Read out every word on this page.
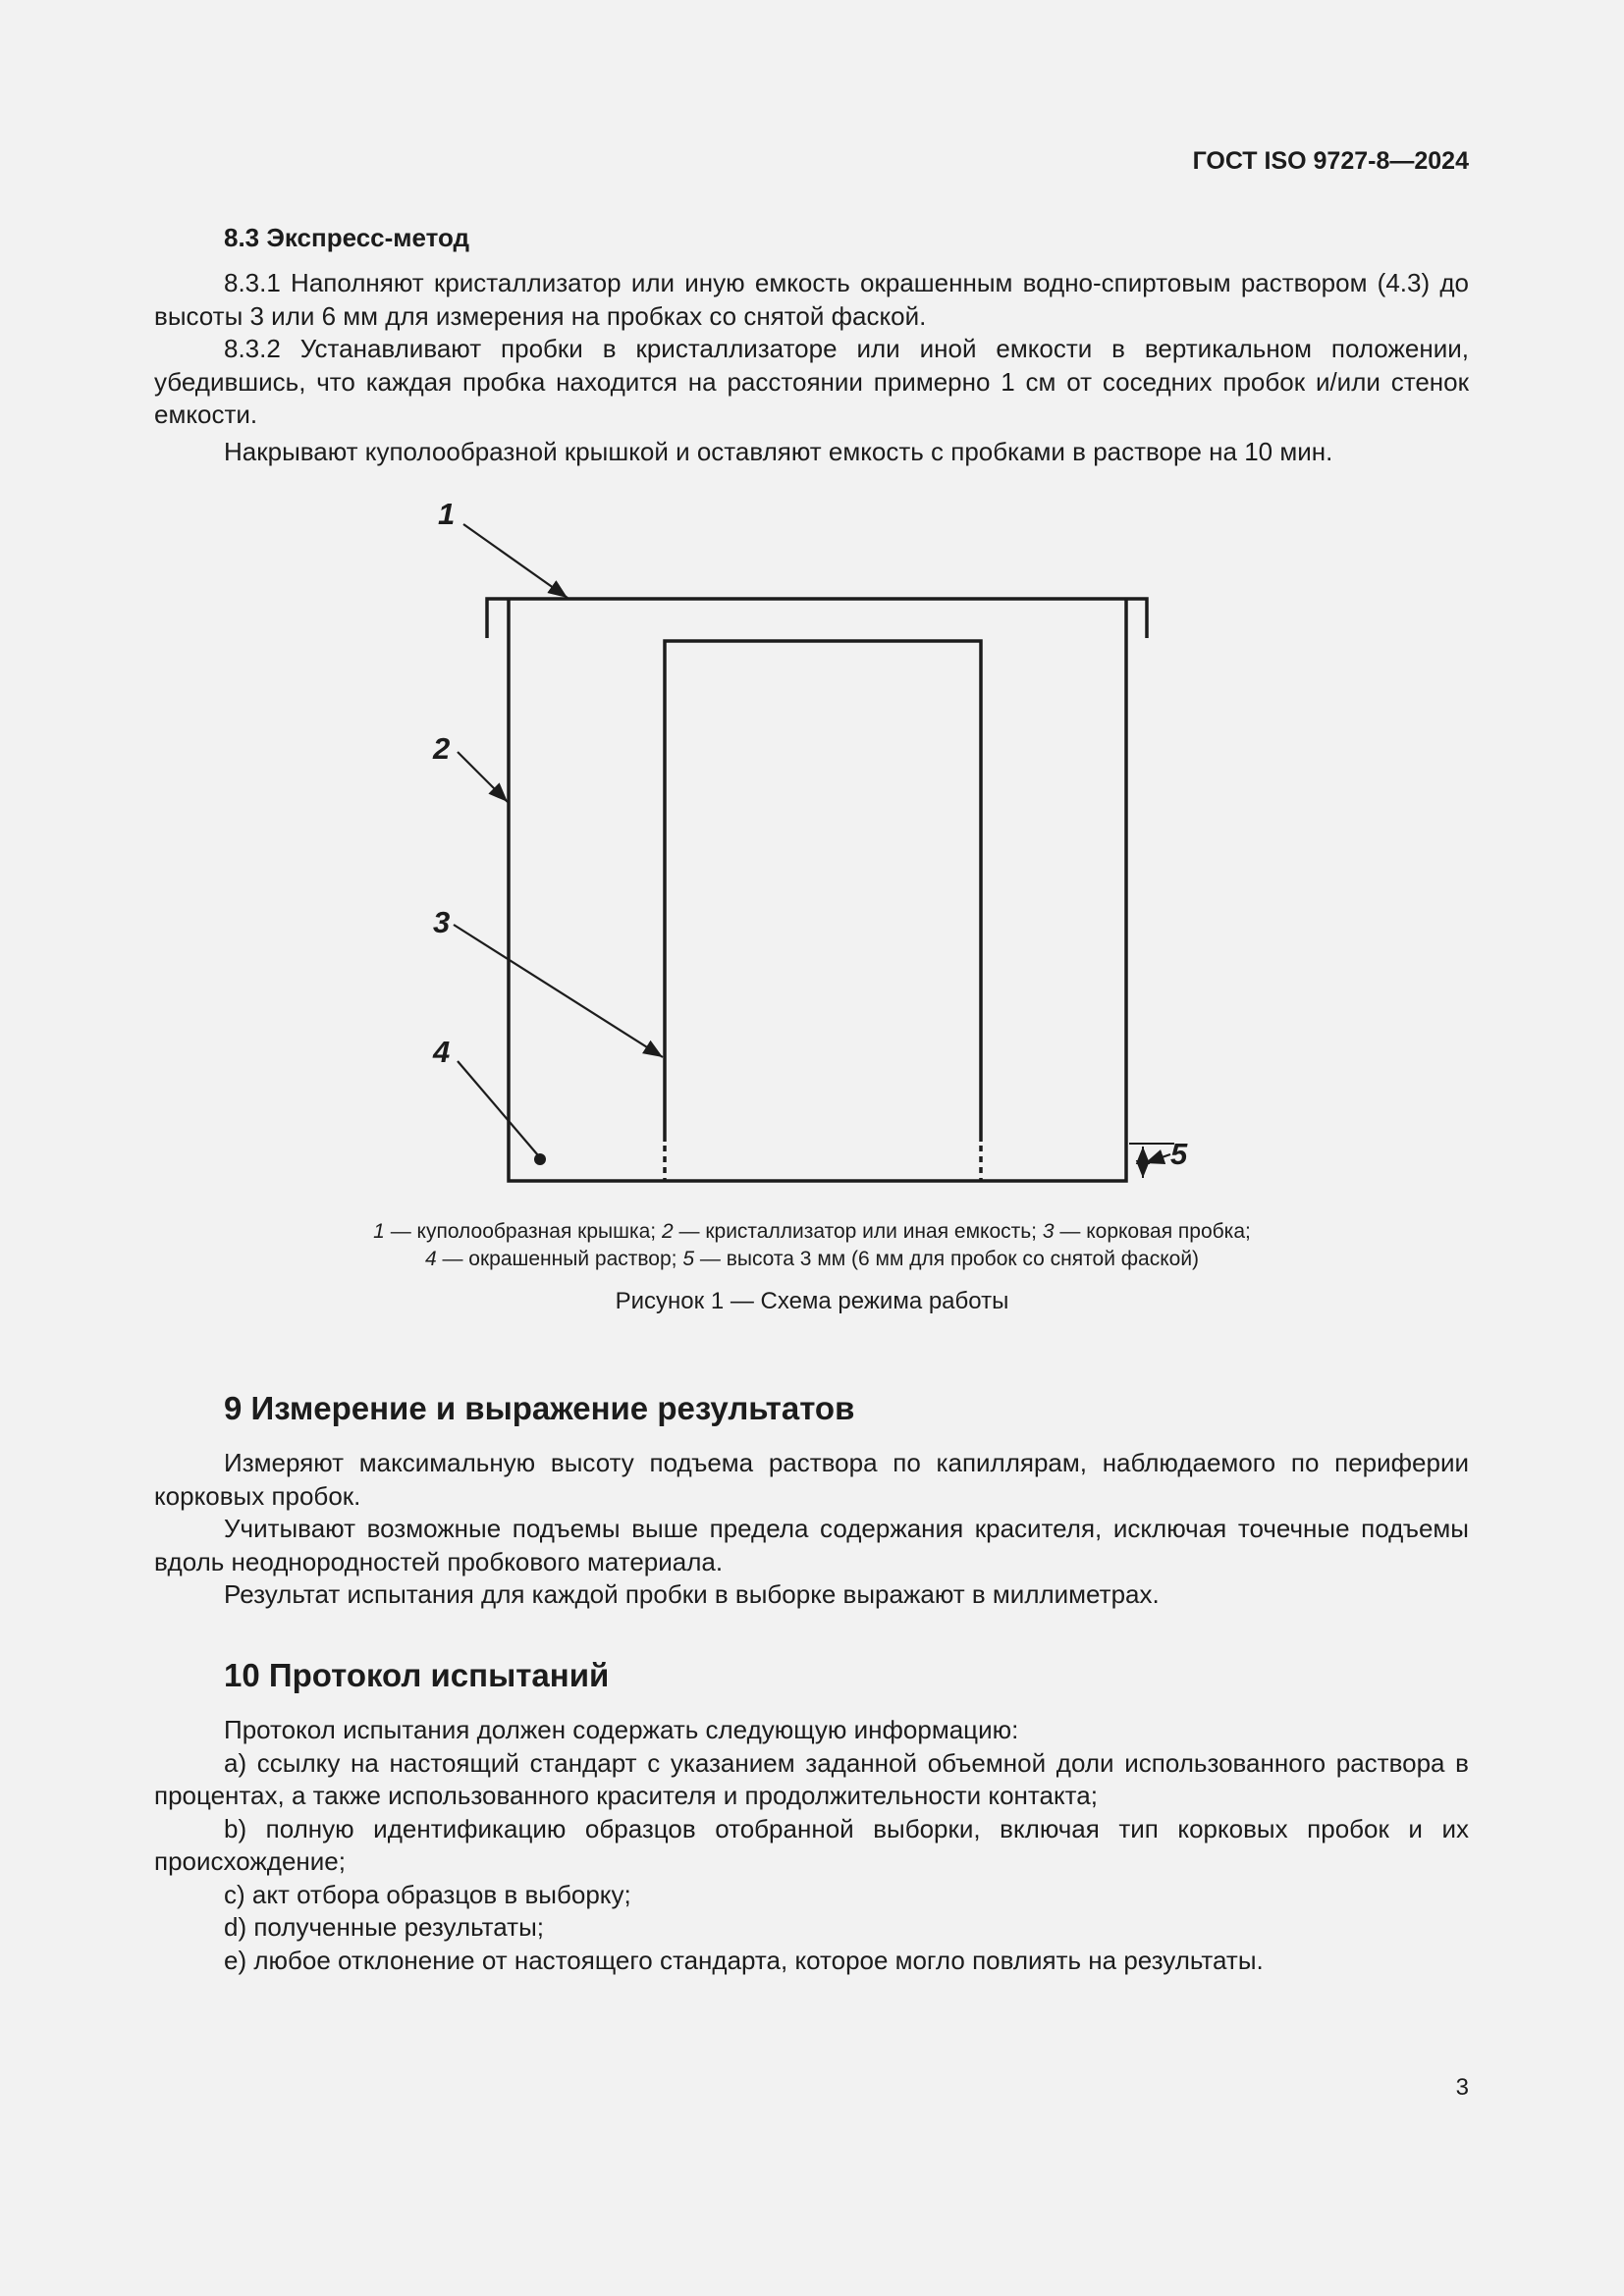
ГОСТ ISO 9727-8—2024
8.3 Экспресс-метод

8.3.1 Наполняют кристаллизатор или иную емкость окрашенным водно-спиртовым раствором (4.3) до высоты 3 или 6 мм для измерения на пробках со снятой фаской.

8.3.2 Устанавливают пробки в кристаллизаторе или иной емкости в вертикальном положении, убедившись, что каждая пробка находится на расстоянии примерно 1 см от соседних пробок и/или стенок емкости.

Накрывают куполообразной крышкой и оставляют емкость с пробками в растворе на 10 мин.

1
2
3
4
5
1 — куполообразная крышка; 2 — кристаллизатор или иная емкость; 3 — корковая пробка;
4 — окрашенный раствор; 5 — высота 3 мм (6 мм для пробок со снятой фаской)
Рисунок 1 — Схема режима работы
9 Измерение и выражение результатов

Измеряют максимальную высоту подъема раствора по капиллярам, наблюдаемого по периферии корковых пробок.

Учитывают возможные подъемы выше предела содержания красителя, исключая точечные подъемы вдоль неоднородностей пробкового материала.

Результат испытания для каждой пробки в выборке выражают в миллиметрах.

10 Протокол испытаний

Протокол испытания должен содержать следующую информацию:

a) ссылку на настоящий стандарт с указанием заданной объемной доли использованного раствора в процентах, а также использованного красителя и продолжительности контакта;

b) полную идентификацию образцов отобранной выборки, включая тип корковых пробок и их происхождение;

c) акт отбора образцов в выборку;

d) полученные результаты;

e) любое отклонение от настоящего стандарта, которое могло повлиять на результаты.

3
